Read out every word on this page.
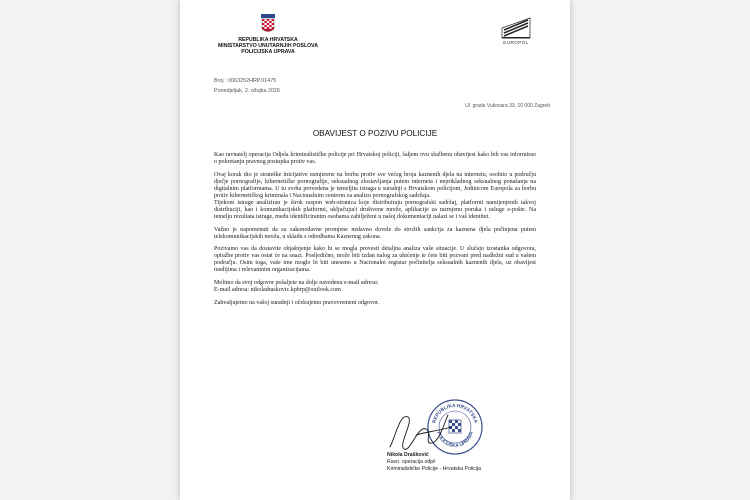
REPUBLIKA HRVATSKA
MINISTARSTVO UNUTARNJIH POSLOVA
POLICIJSKA UPRAVA
EUROPOL
Broj : 0063252HRP.01475
Ponedjeljak, 2. ožujka 2026
Ul. grada Vukovara 33, 10 000 Zagreb
OBAVIJEST O POZIVU POLICIJE

Kao ravnatelj operacija Odjela kriminalističke policije pri Hrvatskoj policiji, šaljem ovu službenu obavijest kako bih vas informirao o pokretanju pravnog postupka protiv vas.

Ovaj korak dio je strateške inicijative usmjerene na borbu protiv sve većeg broja kaznenih djela na internetu, osobito u području dječje pornografije, kibernetičke pornografije, seksualnog zlostavljanja putem interneta i neprikladnog seksualnog ponašanja na digitalnim platformama. U tu svrhu provedena je temeljita istraga u suradnji s Hrvatskom policijom, Jedinicom Europola za borbu protiv kibernetičkog kriminala i Nacionalnim centrom za analizu pornografskog sadržaja.

Tijekom istrage analiziran je širok raspon web-stranica koje distribuiraju pornografski sadržaj, platformi namijenjenih takvoj distribuciji, kao i komunikacijskih platformi, uključujući društvene mreže, aplikacije za razmjenu poruka i usluge e-pošte. Na temelju rezultata istrage, među identificiranim osobama zabilježeni u našoj dokumentaciji nalazi se i vaš identitet.

Važno je napomenuti da su zakonodavne promjene nedavno dovele do strožih sankcija za kaznena djela počinjena putem telekomunikacijskih mreža, u skladu s odredbama Kaznenog zakona.

Pozivamo vas da dostavite objašnjenje kako bi se mogla provesti detaljna analiza vaše situacije. U slučaju izostanka odgovora, optužbe protiv vas ostat će na snazi. Posljedično, može biti izdan nalog za uhićenje te ćete biti pozvani pred nadležni sud u vašem području. Osim toga, vaše ime moglo bi biti uneseno u Nacionalni registar počinitelja seksualnih kaznenih djela, uz obavijest medijima i relevantnim organizacijama.

Molimo da svoj odgovor pošaljete na dolje navedenu e-mail adresu:

E-mail adresa: nikoladraskovic.kphrp@outlook.com

Zahvaljujemo na vašoj suradnji i očekujemo pravovremeni odgovor.

REPUBLIKA HRVATSKA
POLICIJSKA UPRAVA
Nikola Drašković
Ravn. operacija odjel
Kriminalističke Policije - Hrvatska Policija
